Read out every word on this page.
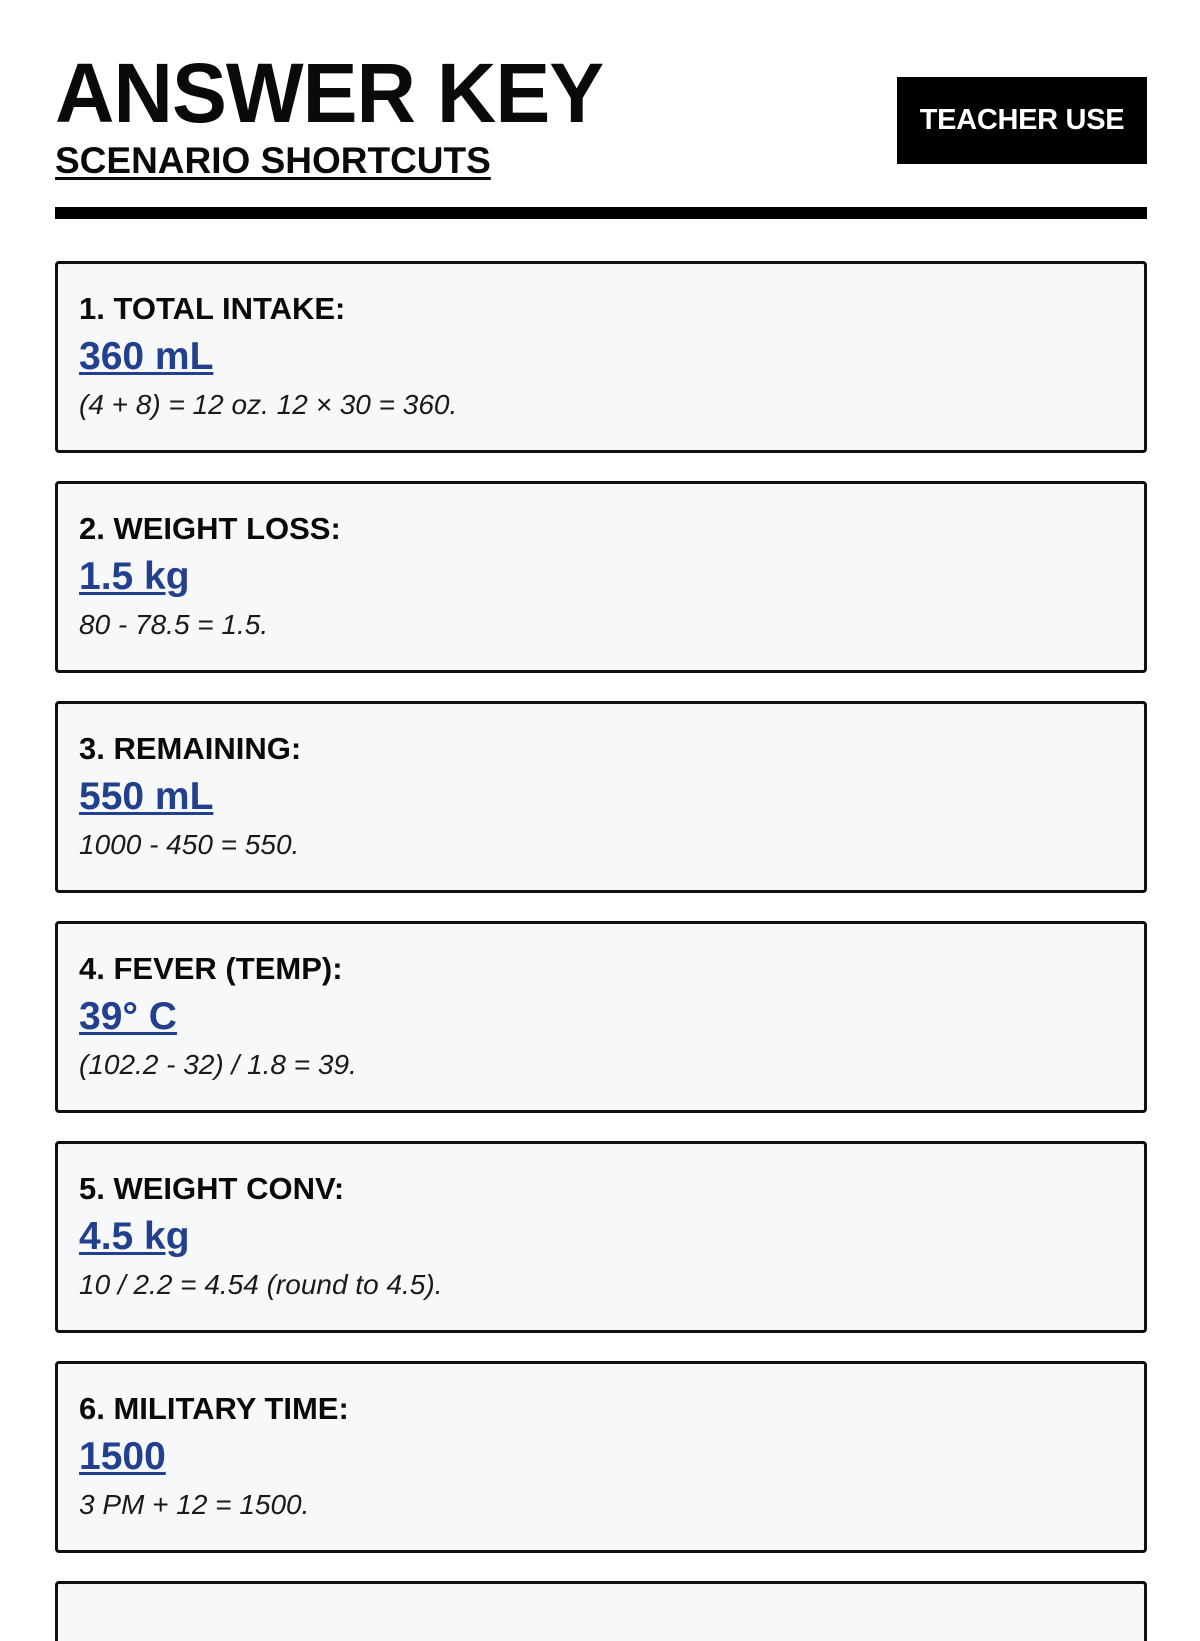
ANSWER KEY
SCENARIO SHORTCUTS
TEACHER USE
1. TOTAL INTAKE:
360 mL
(4 + 8) = 12 oz. 12 × 30 = 360.
2. WEIGHT LOSS:
1.5 kg
80 - 78.5 = 1.5.
3. REMAINING:
550 mL
1000 - 450 = 550.
4. FEVER (TEMP):
39° C
(102.2 - 32) / 1.8 = 39.
5. WEIGHT CONV:
4.5 kg
10 / 2.2 = 4.54 (round to 4.5).
6. MILITARY TIME:
1500
3 PM + 12 = 1500.
